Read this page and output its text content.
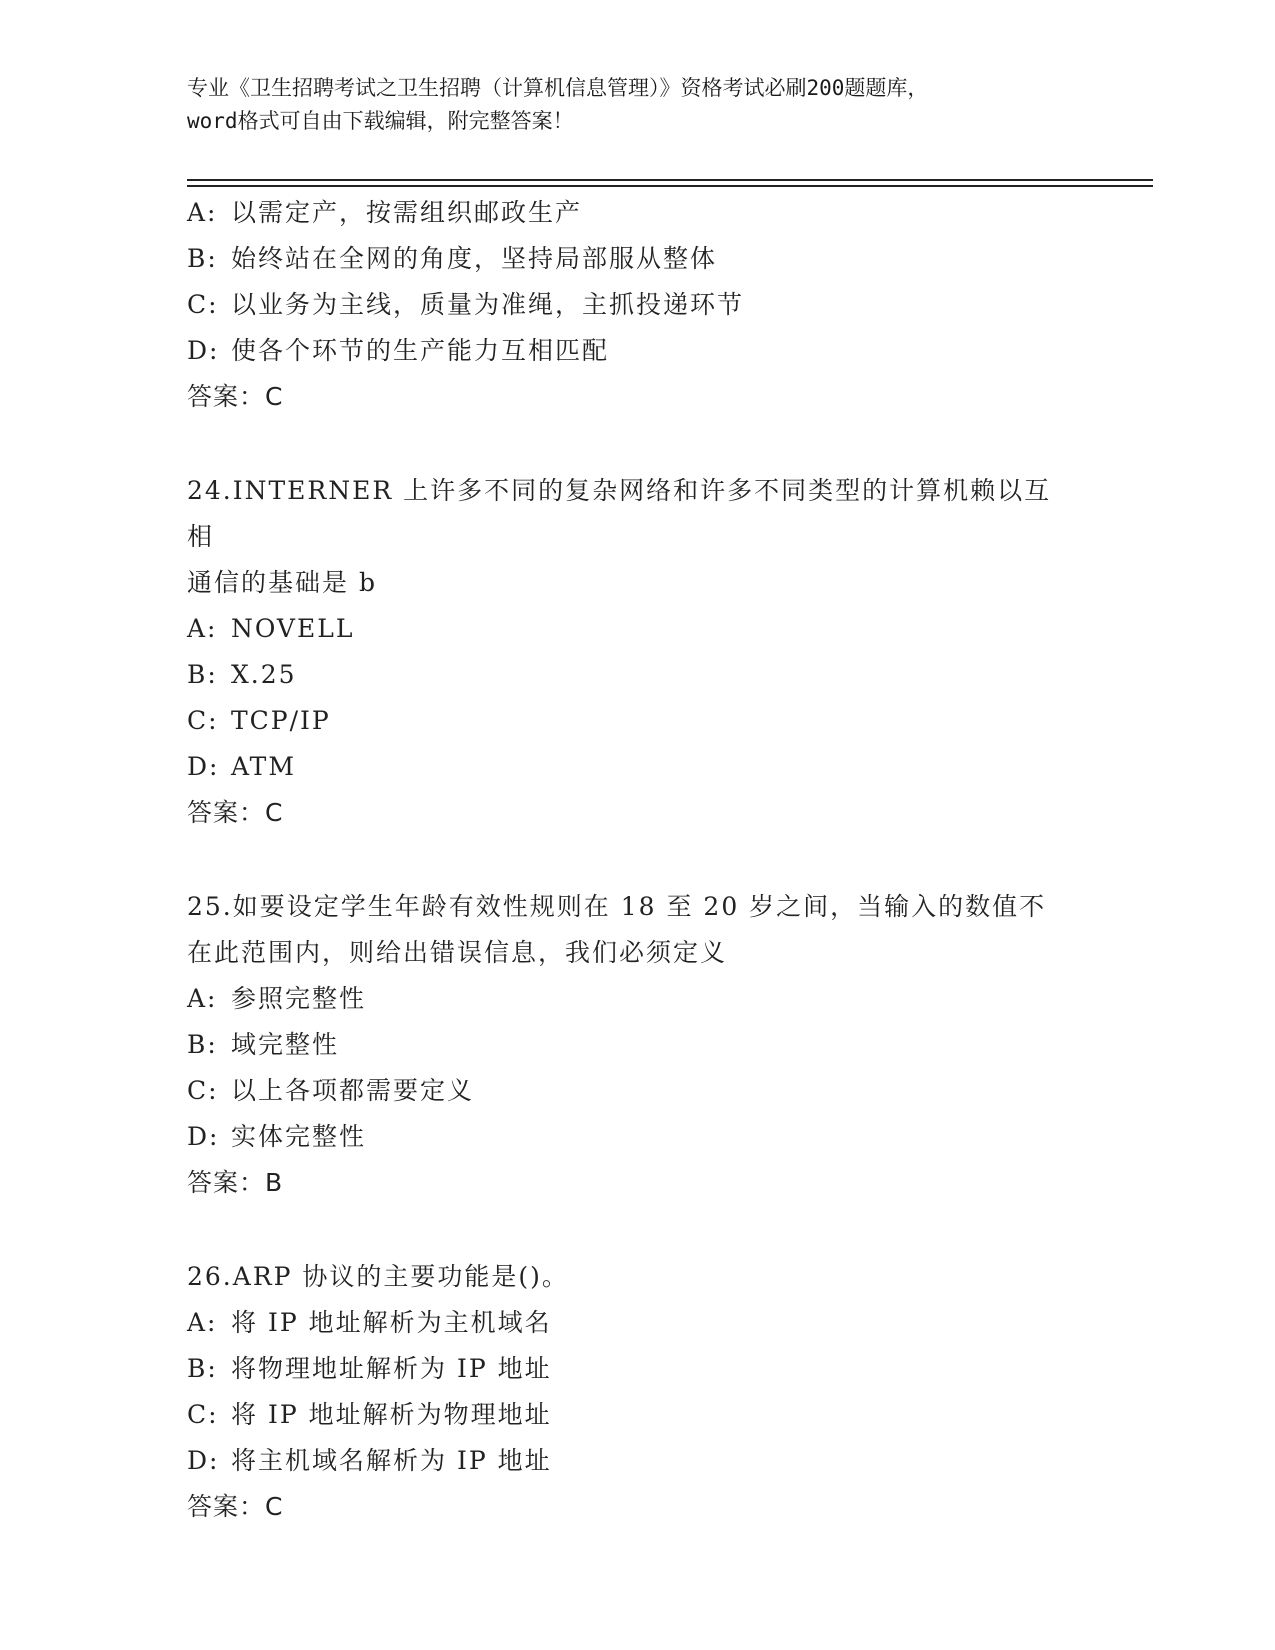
专业《卫生招聘考试之卫生招聘（计算机信息管理）》资格考试必刷200题题库，
word格式可自由下载编辑，附完整答案！
A: 以需定产，按需组织邮政生产
B: 始终站在全网的角度，坚持局部服从整体
C: 以业务为主线，质量为准绳，主抓投递环节
D: 使各个环节的生产能力互相匹配
答案：C
24.INTERNER 上许多不同的复杂网络和许多不同类型的计算机赖以互相
通信的基础是 b
A: NOVELL
B: X.25
C: TCP/IP
D: ATM
答案：C
25.如要设定学生年龄有效性规则在 18 至 20 岁之间，当输入的数值不
在此范围内，则给出错误信息，我们必须定义
A: 参照完整性
B: 域完整性
C: 以上各项都需要定义
D: 实体完整性
答案：B
26.ARP 协议的主要功能是()。
A: 将 IP 地址解析为主机域名
B: 将物理地址解析为 IP 地址
C: 将 IP 地址解析为物理地址
D: 将主机域名解析为 IP 地址
答案：C
